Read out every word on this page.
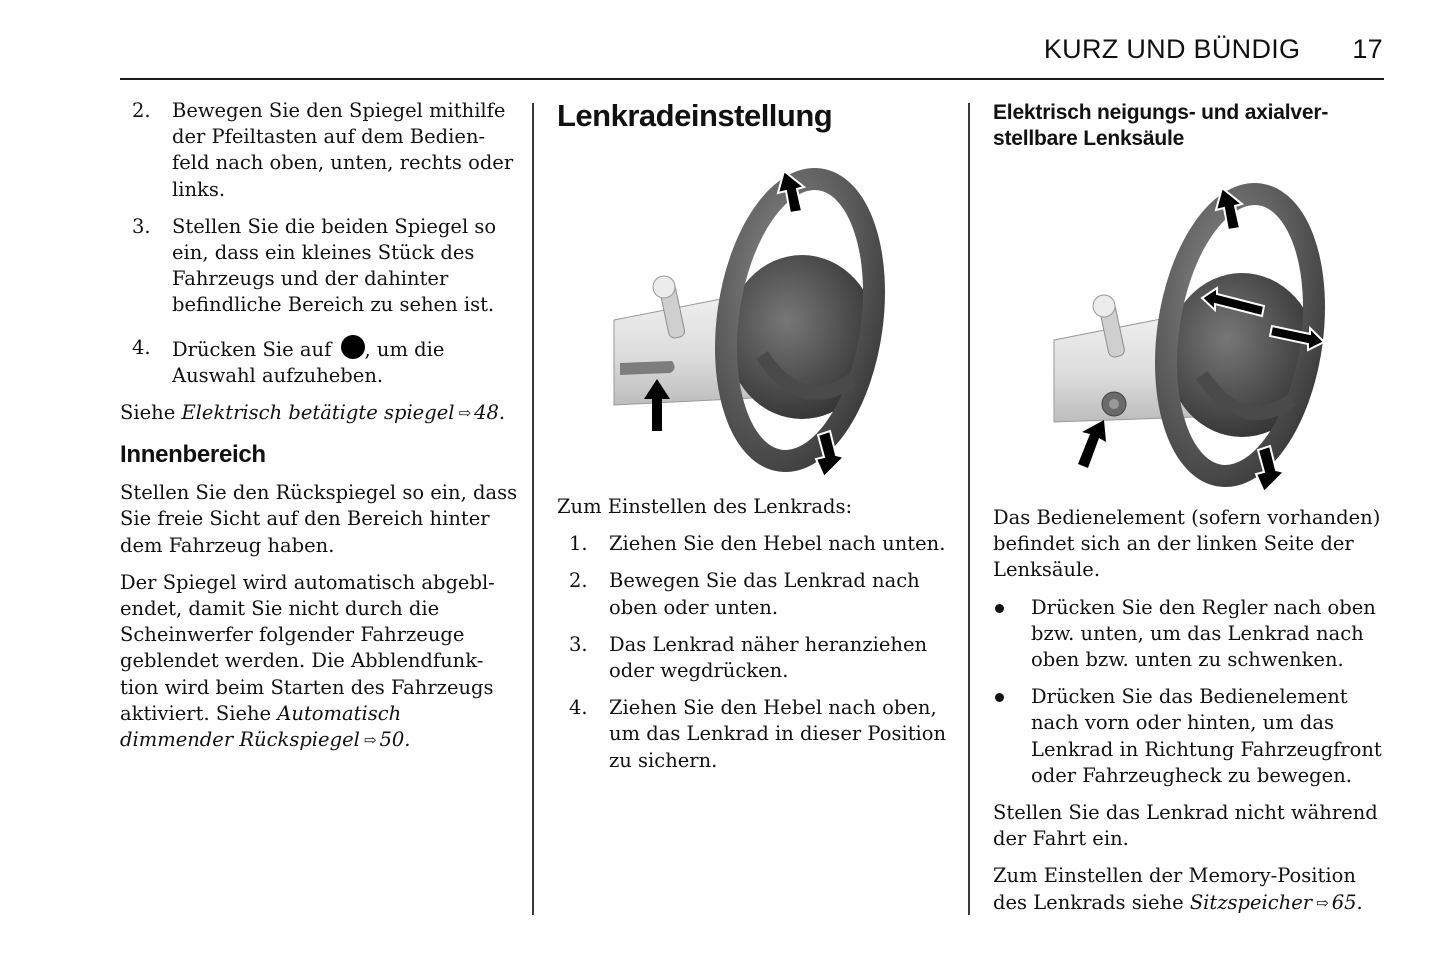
KURZ UND BÜNDIG 17
2.	Bewegen Sie den Spiegel mithilfe der Pfeiltasten auf dem Bedien-feld nach oben, unten, rechts oder links.
3.	Stellen Sie die beiden Spiegel so ein, dass ein kleines Stück des Fahrzeugs und der dahinter befindliche Bereich zu sehen ist.
4.	Drücken Sie auf , um die Auswahl aufzuheben.

Siehe Elektrisch betätigte spiegel ⇨ 48.

Innenbereich

Stellen Sie den Rückspiegel so ein, dass Sie freie Sicht auf den Bereich hinter dem Fahrzeug haben.

Der Spiegel wird automatisch abgebl-endet, damit Sie nicht durch die Scheinwerfer folgender Fahrzeuge geblendet werden. Die Abblendfunk-tion wird beim Starten des Fahrzeugs aktiviert. Siehe Automatisch dimmender Rückspiegel ⇨ 50.

Lenkradeinstellung

Zum Einstellen des Lenkrads:

1.	Ziehen Sie den Hebel nach unten.
2.	Bewegen Sie das Lenkrad nach oben oder unten.
3.	Das Lenkrad näher heranziehen oder wegdrücken.
4.	Ziehen Sie den Hebel nach oben, um das Lenkrad in dieser Position zu sichern.
Elektrisch neigungs- und axialver-stellbare Lenksäule

Das Bedienelement (sofern vorhanden) befindet sich an der linken Seite der Lenksäule.

Drücken Sie den Regler nach oben bzw. unten, um das Lenkrad nach oben bzw. unten zu schwenken.
Drücken Sie das Bedienelement nach vorn oder hinten, um das Lenkrad in Richtung Fahrzeugfront oder Fahrzeugheck zu bewegen.

Stellen Sie das Lenkrad nicht während der Fahrt ein.

Zum Einstellen der Memory-Position des Lenkrads siehe Sitzspeicher ⇨ 65.
